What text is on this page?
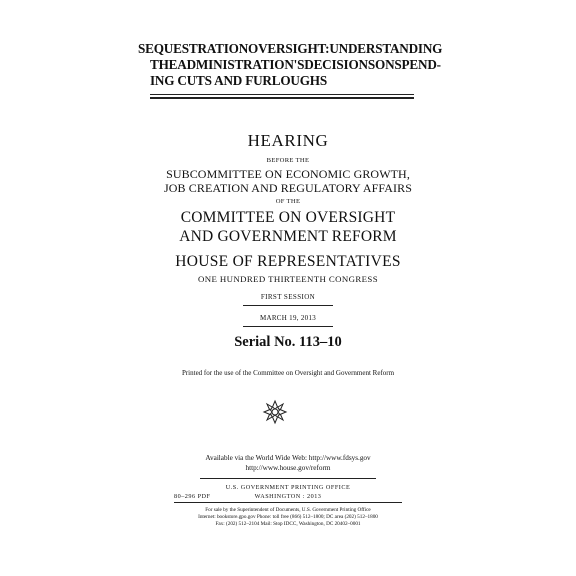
SEQUESTRATION OVERSIGHT: UNDERSTANDING
THE ADMINISTRATION'S DECISIONS ON SPEND-
ING CUTS AND FURLOUGHS
HEARING
BEFORE THE
SUBCOMMITTEE ON ECONOMIC GROWTH,
JOB CREATION AND REGULATORY AFFAIRS
OF THE
COMMITTEE ON OVERSIGHT
AND GOVERNMENT REFORM
HOUSE OF REPRESENTATIVES
ONE HUNDRED THIRTEENTH CONGRESS
FIRST SESSION
MARCH 19, 2013
Serial No. 113–10
Printed for the use of the Committee on Oversight and Government Reform
Available via the World Wide Web: http://www.fdsys.gov
http://www.house.gov/reform
U.S. GOVERNMENT PRINTING OFFICE
80–296 PDF	WASHINGTON : 2013
For sale by the Superintendent of Documents, U.S. Government Printing Office
Internet: bookstore.gpo.gov Phone: toll free (866) 512–1800; DC area (202) 512–1800
Fax: (202) 512–2104 Mail: Stop IDCC, Washington, DC 20402–0001
